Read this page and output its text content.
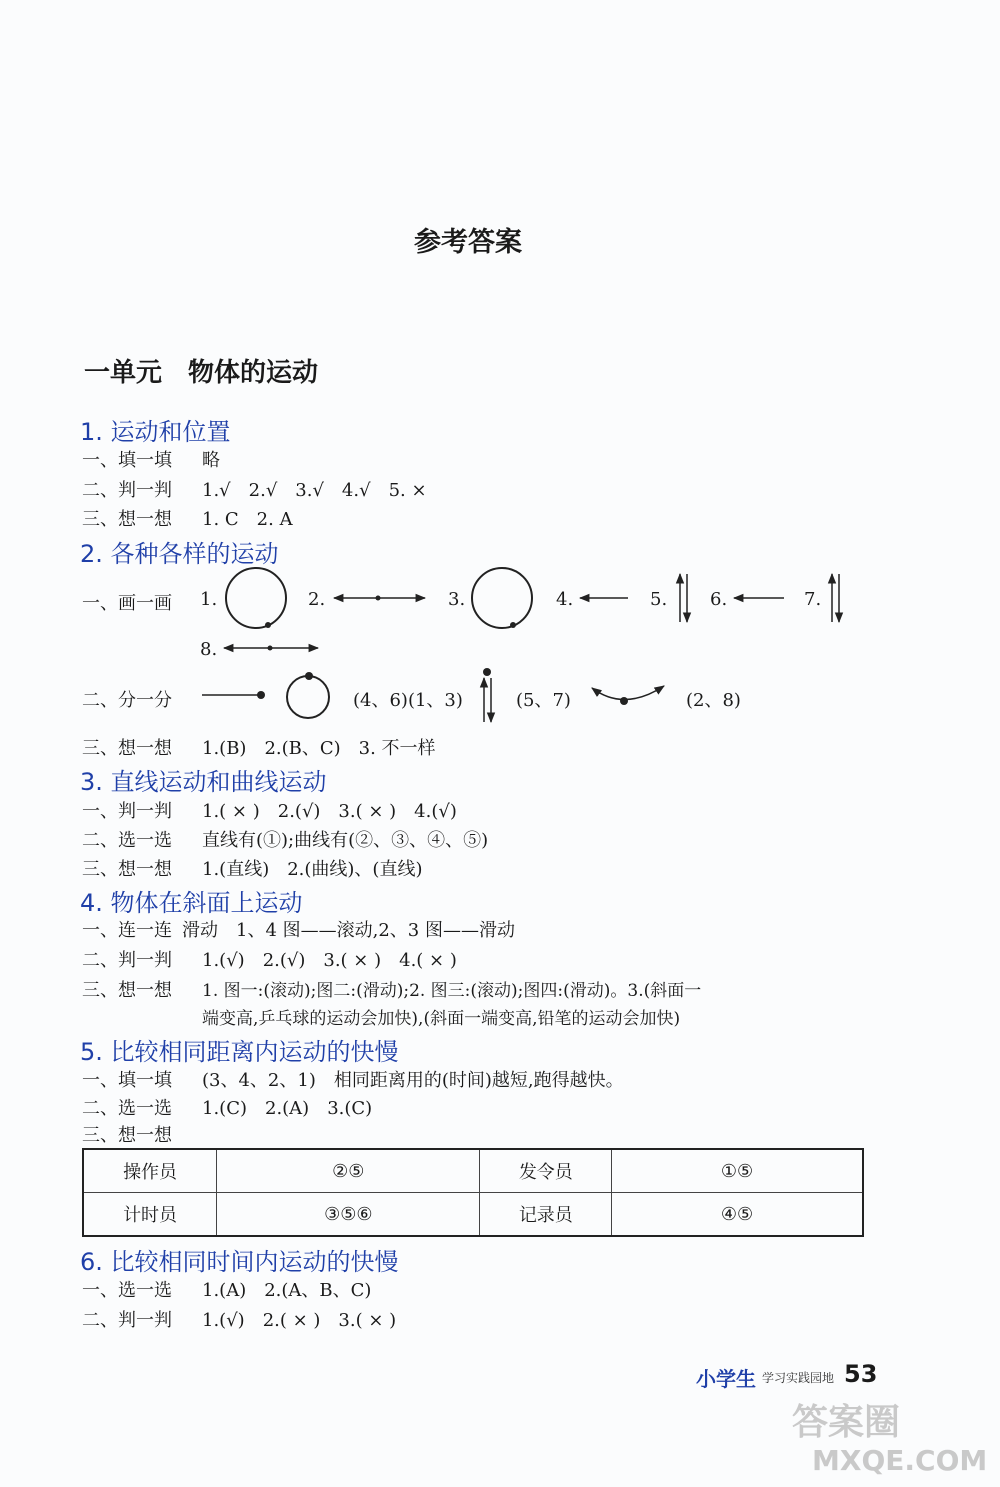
参考答案
一单元　物体的运动
1. 运动和位置
一、填一填 略
二、判一判 1.√　2.√　3.√　4.√　5. ×
三、想一想 1. C　2. A
2. 各种各样的运动
一、画一画 1.	2.	3.	4.	5. 6.	7.
8.
二、分一分	(4、6)(1、3)	(5、7)	(2、8)
三、想一想 1.(B)　2.(B、C)　3. 不一样
3. 直线运动和曲线运动
一、判一判 1.( × )　2.(√)　3.( × )　4.(√)
二、选一选 直线有(①);曲线有(②、③、④、⑤)
三、想一想 1.(直线)　2.(曲线)、(直线)
4. 物体在斜面上运动
一、连一连 滑动　1、4 图——滚动,2、3 图——滑动
二、判一判 1.(√)　2.(√)　3.( × )　4.( × )
三、想一想 1. 图一:(滚动);图二:(滑动);2. 图三:(滚动);图四:(滑动)。3.(斜面一
端变高,乒乓球的运动会加快),(斜面一端变高,铅笔的运动会加快)
5. 比较相同距离内运动的快慢
一、填一填 (3、4、2、1)　相同距离用的(时间)越短,跑得越快。
二、选一选 1.(C)　2.(A)　3.(C)
三、想一想
操作员	②⑤	发令员	①⑤
计时员	③⑤⑥	记录员	④⑤
6. 比较相同时间内运动的快慢
一、选一选 1.(A)　2.(A、B、C)
二、判一判 1.(√)　2.( × )　3.( × )
小学生 学习实践园地 53
答案圈
MXQE.COM
